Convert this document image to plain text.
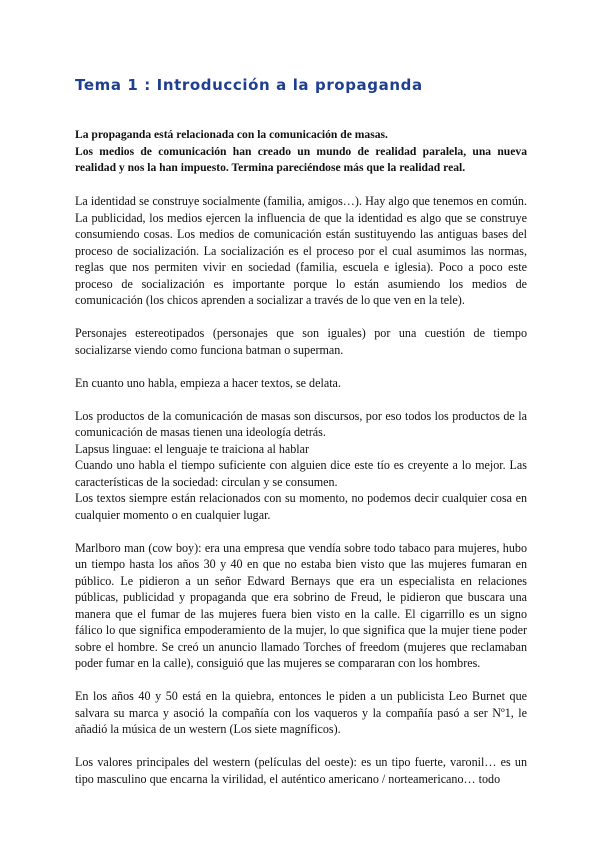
Tema 1 : Introducción a la propaganda

La propaganda está relacionada con la comunicación de masas.
Los medios de comunicación han creado un mundo de realidad paralela, una nueva realidad y nos la han impuesto. Termina pareciéndose más que la realidad real.

La identidad se construye socialmente (familia, amigos…). Hay algo que tenemos en común. La publicidad, los medios ejercen la influencia de que la identidad es algo que se construye consumiendo cosas. Los medios de comunicación están sustituyendo las antiguas bases del proceso de socialización. La socialización es el proceso por el cual asumimos las normas, reglas que nos permiten vivir en sociedad (familia, escuela e iglesia). Poco a poco este proceso de socialización es importante porque lo están asumiendo los medios de comunicación (los chicos aprenden a socializar a través de lo que ven en la tele).

Personajes estereotipados (personajes que son iguales) por una cuestión de tiempo socializarse viendo como funciona batman o superman.

En cuanto uno habla, empieza a hacer textos, se delata.

Los productos de la comunicación de masas son discursos, por eso todos los productos de la comunicación de masas tienen una ideología detrás.

Lapsus linguae: el lenguaje te traiciona al hablar

Cuando uno habla el tiempo suficiente con alguien dice este tío es creyente a lo mejor. Las características de la sociedad: circulan y se consumen.

Los textos siempre están relacionados con su momento, no podemos decir cualquier cosa en cualquier momento o en cualquier lugar.

Marlboro man (cow boy): era una empresa que vendía sobre todo tabaco para mujeres, hubo un tiempo hasta los años 30 y 40 en que no estaba bien visto que las mujeres fumaran en público. Le pidieron a un señor Edward Bernays que era un especialista en relaciones públicas, publicidad y propaganda que era sobrino de Freud, le pidieron que buscara una manera que el fumar de las mujeres fuera bien visto en la calle. El cigarrillo es un signo fálico lo que significa empoderamiento de la mujer, lo que significa que la mujer tiene poder sobre el hombre. Se creó un anuncio llamado Torches of freedom (mujeres que reclamaban poder fumar en la calle), consiguió que las mujeres se compararan con los hombres.

En los años 40 y 50 está en la quiebra, entonces le piden a un publicista Leo Burnet que salvara su marca y asoció la compañía con los vaqueros y la compañía pasó a ser Nº1, le añadió la música de un western (Los siete magníficos).

Los valores principales del western (películas del oeste): es un tipo fuerte, varonil… es un tipo masculino que encarna la virilidad, el auténtico americano / norteamericano… todo
